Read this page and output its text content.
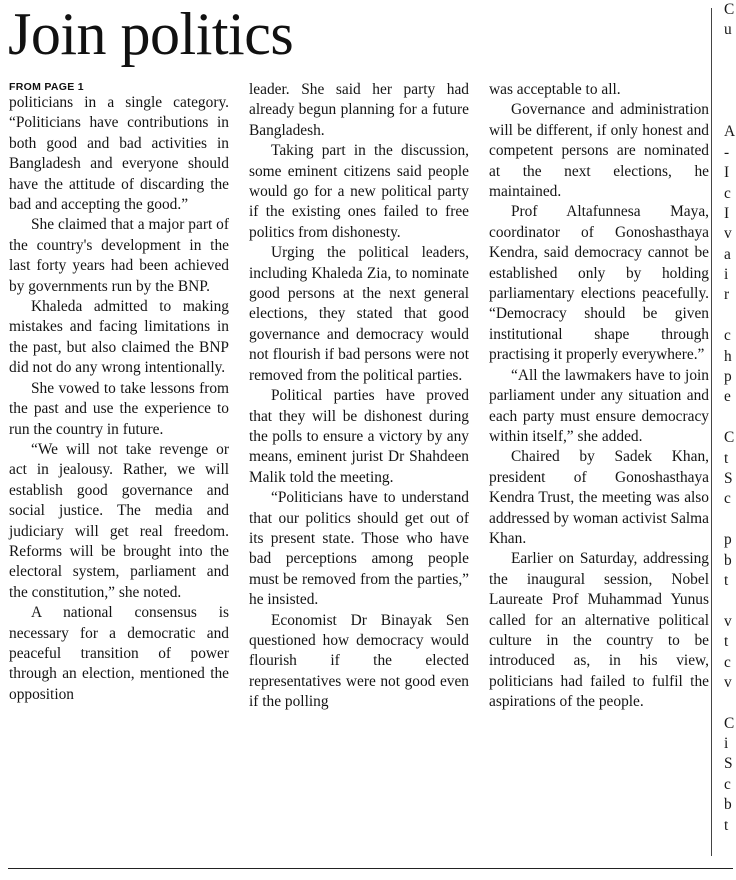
Join politics
FROM PAGE 1

politicians in a single category. “Politicians have contributions in both good and bad activities in Bangladesh and everyone should have the attitude of discarding the bad and accepting the good.”

She claimed that a major part of the country's development in the last forty years had been achieved by governments run by the BNP.

Khaleda admitted to making mistakes and facing limitations in the past, but also claimed the BNP did not do any wrong intentionally.

She vowed to take lessons from the past and use the experience to run the country in future.

“We will not take revenge or act in jealousy. Rather, we will establish good governance and social justice. The media and judiciary will get real freedom. Reforms will be brought into the electoral system, parliament and the constitution,” she noted.

A national consensus is necessary for a democratic and peaceful transition of power through an election, mentioned the opposition

leader. She said her party had already begun planning for a future Bangladesh.

Taking part in the discussion, some eminent citizens said people would go for a new political party if the existing ones failed to free politics from dishonesty.

Urging the political leaders, including Khaleda Zia, to nominate good persons at the next general elections, they stated that good governance and democracy would not flourish if bad persons were not removed from the political parties.

Political parties have proved that they will be dishonest during the polls to ensure a victory by any means, eminent jurist Dr Shahdeen Malik told the meeting.

“Politicians have to understand that our politics should get out of its present state. Those who have bad perceptions among people must be removed from the parties,” he insisted.

Economist Dr Binayak Sen questioned how democracy would flourish if the elected representatives were not good even if the polling

was acceptable to all.

Governance and administration will be different, if only honest and competent persons are nominated at the next elections, he maintained.

Prof Altafunnesa Maya, coordinator of Gonoshasthaya Kendra, said democracy cannot be established only by holding parliamentary elections peacefully. “Democracy should be given institutional shape through practising it properly everywhere.”

“All the lawmakers have to join parliament under any situation and each party must ensure democracy within itself,” she added.

Chaired by Sadek Khan, president of Gonoshasthaya Kendra Trust, the meeting was also addressed by woman activist Salma Khan.

Earlier on Saturday, addressing the inaugural session, Nobel Laureate Prof Muhammad Yunus called for an alternative political culture in the country to be introduced as, in his view, politicians had failed to fulfil the aspirations of the people.

C
u
A
-
I
c
I
v
a
i
r
c
h
p
e
C
t
S
c
p
b
t
v
t
c
v
C
i
S
c
b
t
